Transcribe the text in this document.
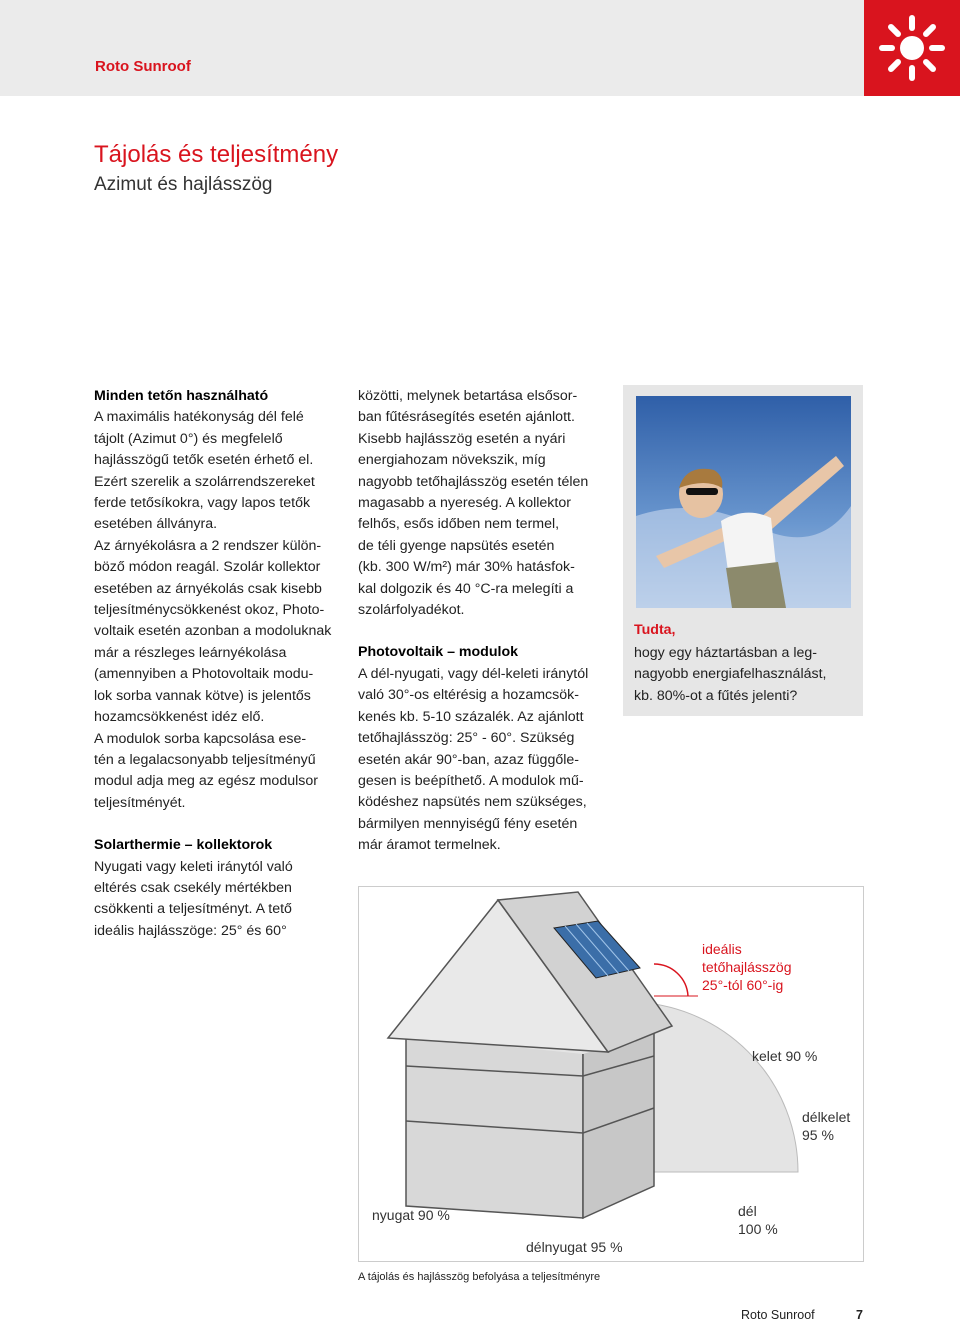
Roto Sunroof
Tájolás és teljesítmény
Azimut és hajlásszög

Minden tetőn használható

A maximális hatékonyság dél felé

tájolt (Azimut 0°) és megfelelő

hajlásszögű tetők esetén érhető el.

Ezért szerelik a szolárrendszereket

ferde tetősíkokra, vagy lapos tetők

esetében állványra.

Az árnyékolásra a 2 rendszer külön-

böző módon reagál. Szolár kollektor

esetében az árnyékolás csak kisebb

teljesítménycsökkenést okoz, Photo-

voltaik esetén azonban a modoluknak

már a részleges leárnyékolása

(amennyiben a Photovoltaik modu-

lok sorba vannak kötve) is jelentős

hozamcsökkenést idéz elő.

A modulok sorba kapcsolása ese-

tén a legalacsonyabb teljesítményű

modul adja meg az egész modulsor

teljesítményét.

Solarthermie – kollektorok

Nyugati vagy keleti iránytól való

eltérés csak csekély mértékben

csökkenti a teljesítményt. A tető

ideális hajlásszöge: 25° és 60°

közötti, melynek betartása elsősor-

ban fűtésrásegítés esetén ajánlott.

Kisebb hajlásszög esetén a nyári

energiahozam növekszik, míg

nagyobb tetőhajlásszög esetén télen

magasabb a nyereség. A kollektor

felhős, esős időben nem termel,

de téli gyenge napsütés esetén

(kb. 300 W/m²) már 30% hatásfok-

kal dolgozik és 40 °C-ra melegíti a

szolárfolyadékot.

Photovoltaik – modulok

A dél-nyugati, vagy dél-keleti iránytól

való 30°-os eltérésig a hozamcsök-

kenés kb. 5-10 százalék. Az ajánlott

tetőhajlásszög: 25° - 60°. Szükség

esetén akár 90°-ban, azaz függőle-

gesen is beépíthető. A modulok mű-

ködéshez napsütés nem szükséges,

bármilyen mennyiségű fény esetén

már áramot termelnek.

Tudta,
hogy egy háztartásban a leg-
nagyobb energiafelhasználást,
kb. 80%-ot a fűtés jelenti?
ideális
tetőhajlásszög
25°-tól 60°-ig
kelet 90 %
délkelet
95 %
dél
100 %
délnyugat 95 %
nyugat 90 %
A tájolás és hajlásszög befolyása a teljesítményre
Roto Sunroof	7
